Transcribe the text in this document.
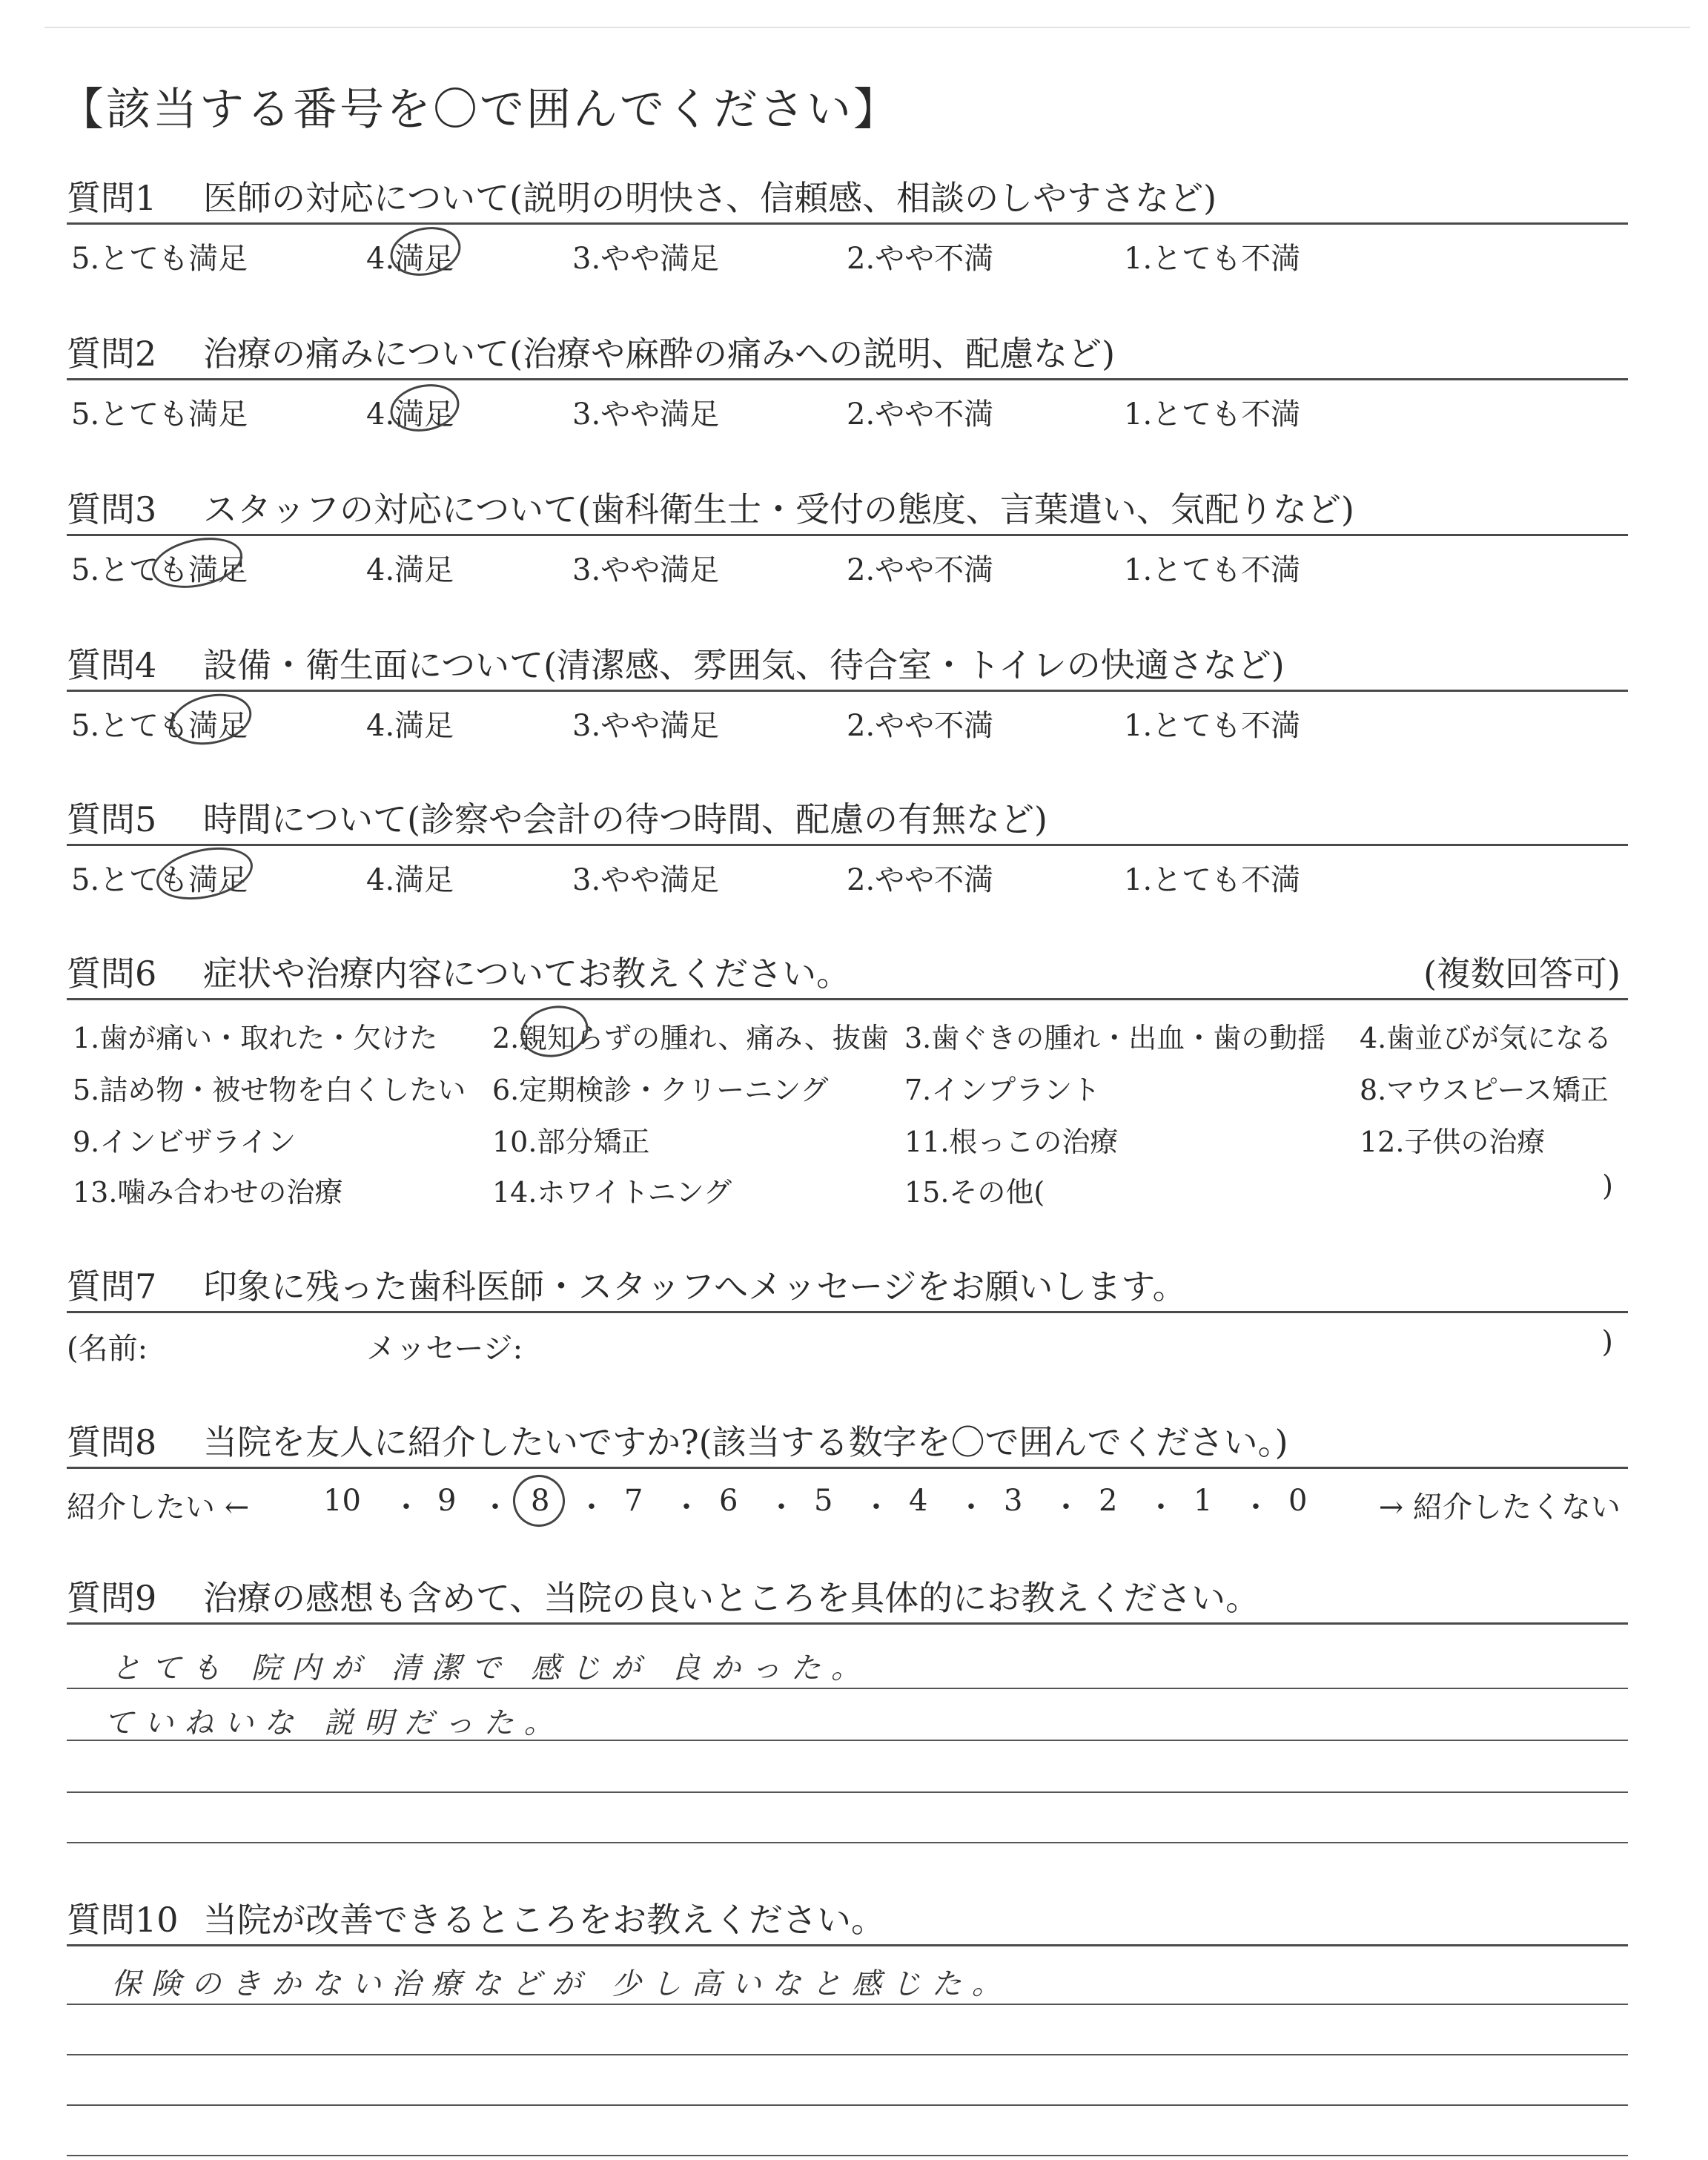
【該当する番号を〇で囲んでください】
質問1 医師の対応について(説明の明快さ、信頼感、相談のしやすさなど)
5.とても満足	4.満足	3.やや満足	2.やや不満	1.とても不満
質問2 治療の痛みについて(治療や麻酔の痛みへの説明、配慮など)
5.とても満足	4.満足	3.やや満足	2.やや不満	1.とても不満
質問3 スタッフの対応について(歯科衛生士・受付の態度、言葉遣い、気配りなど)
5.とても満足	4.満足	3.やや満足	2.やや不満	1.とても不満
質問4 設備・衛生面について(清潔感、雰囲気、待合室・トイレの快適さなど)
5.とても満足	4.満足	3.やや満足	2.やや不満	1.とても不満
質問5 時間について(診察や会計の待つ時間、配慮の有無など)
5.とても満足	4.満足	3.やや満足	2.やや不満	1.とても不満
質問6 症状や治療内容についてお教えください。	(複数回答可)
1.歯が痛い・取れた・欠けた 2.親知らずの腫れ、痛み、抜歯 3.歯ぐきの腫れ・出血・歯の動揺 4.歯並びが気になる
5.詰め物・被せ物を白くしたい 6.定期検診・クリーニング	7.インプラント	8.マウスピース矯正
9.インビザライン	10.部分矯正	11.根っこの治療	12.子供の治療
13.噛み合わせの治療	14.ホワイトニング	15.その他(	)
質問7 印象に残った歯科医師・スタッフへメッセージをお願いします。
(名前:	メッセージ:	)
質問8 当院を友人に紹介したいですか?(該当する数字を〇で囲んでください。)
紹介したい ← 10 ・ 9 ・ 8 ・ 7 ・ 6 ・ 5 ・ 4 ・ 3 ・ 2 ・ 1 ・ 0 → 紹介したくない
質問9 治療の感想も含めて、当院の良いところを具体的にお教えください。
とても 院内が 清潔で 感じが 良かった。
ていねいな 説明だった。
質問10 当院が改善できるところをお教えください。
保険のきかない治療などが 少し高いなと感じた。
